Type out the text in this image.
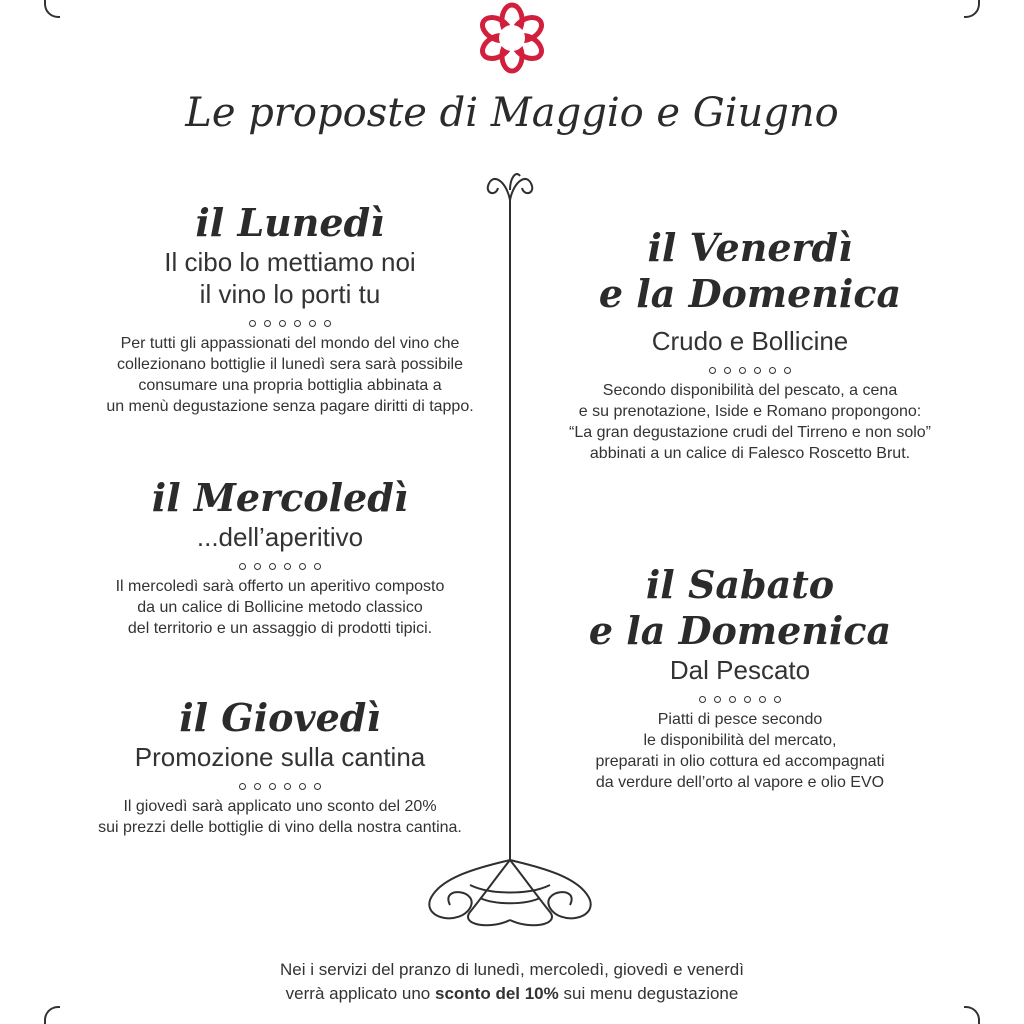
Le proposte di Maggio e Giugno
il Lunedì
Il cibo lo mettiamo noi
il vino lo porti tu
Per tutti gli appassionati del mondo del vino che
collezionano bottiglie il lunedì sera sarà possibile
consumare una propria bottiglia abbinata a
un menù degustazione senza pagare diritti di tappo.
il Mercoledì
...dell’aperitivo
Il mercoledì sarà offerto un aperitivo composto
da un calice di Bollicine metodo classico
del territorio e un assaggio di prodotti tipici.
il Giovedì
Promozione sulla cantina
Il giovedì sarà applicato uno sconto del 20%
sui prezzi delle bottiglie di vino della nostra cantina.
il Venerdì
e la Domenica
Crudo e Bollicine
Secondo disponibilità del pescato, a cena
e su prenotazione, Iside e Romano propongono:
“La gran degustazione crudi del Tirreno e non solo”
abbinati a un calice di Falesco Roscetto Brut.
il Sabato
e la Domenica
Dal Pescato
Piatti di pesce secondo
le disponibilità del mercato,
preparati in olio cottura ed accompagnati
da verdure dell’orto al vapore e olio EVO
Nei i servizi del pranzo di lunedì, mercoledì, giovedì e venerdì
verrà applicato uno sconto del 10% sui menu degustazione
